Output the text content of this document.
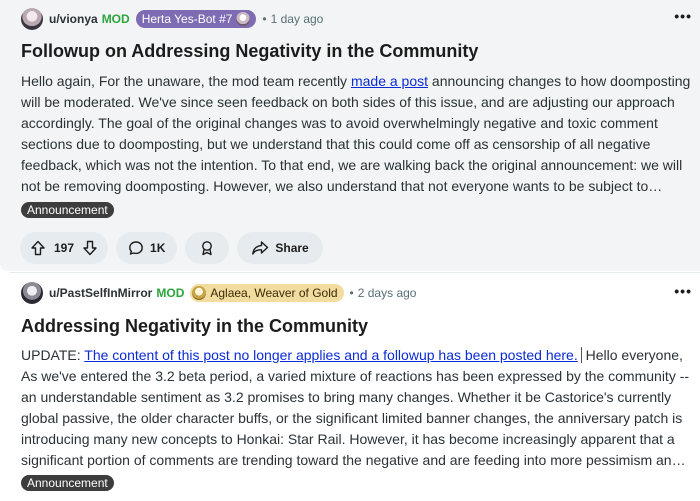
u/vionya MOD Herta Yes-Bot #7	• 1 day ago	•••
Followup on Addressing Negativity in the Community
Hello again, For the unaware, the mod team recently made a post announcing changes to how doomposting will be moderated. We've since seen feedback on both sides of this issue, and are adjusting our approach accordingly. The goal of the original changes was to avoid overwhelmingly negative and toxic comment sections due to doomposting, but we understand that this could come off as censorship of all negative feedback, which was not the intention. To that end, we are walking back the original announcement: we will not be removing doomposting. However, we also understand that not everyone wants to be subject to…
Announcement
197	1K	Share
u/PastSelfInMirror MOD Aglaea, Weaver of Gold • 2 days ago	•••
Addressing Negativity in the Community
UPDATE: The content of this post no longer applies and a followup has been posted here. Hello everyone, As we've entered the 3.2 beta period, a varied mixture of reactions has been expressed by the community -- an understandable sentiment as 3.2 promises to bring many changes. Whether it be Castorice's currently global passive, the older character buffs, or the significant limited banner changes, the anniversary patch is introducing many new concepts to Honkai: Star Rail. However, it has become increasingly apparent that a significant portion of comments are trending toward the negative and are feeding into more pessimism an…
Announcement
